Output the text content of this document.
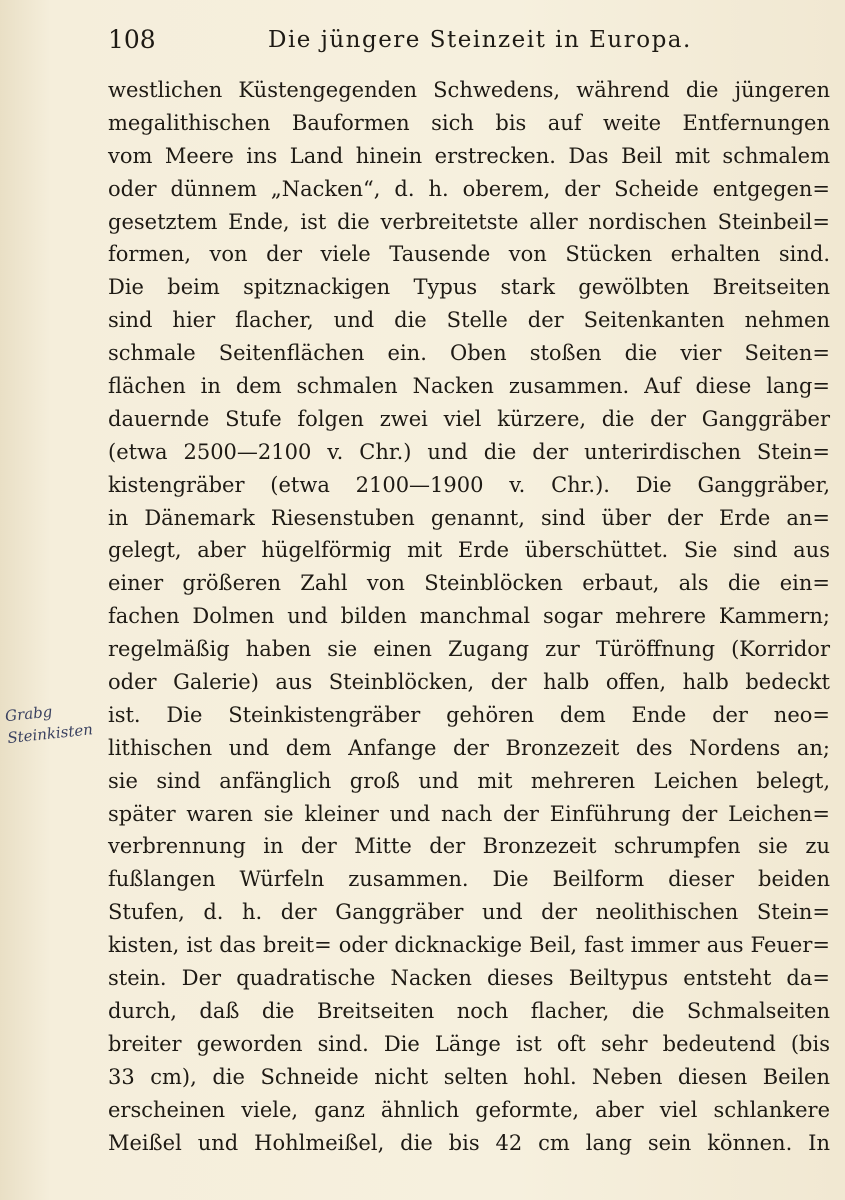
108	Die jüngere Steinzeit in Europa.
Grabg
Steinkisten
westlichen Küstengegenden Schwedens, während die jüngeren
megalithischen Bauformen sich bis auf weite Entfernungen
vom Meere ins Land hinein erstrecken. Das Beil mit schmalem
oder dünnem „Nacken“, d. h. oberem, der Scheide entgegen=
gesetztem Ende, ist die verbreitetste aller nordischen Steinbeil=
formen, von der viele Tausende von Stücken erhalten sind.
Die beim spitznackigen Typus stark gewölbten Breitseiten
sind hier flacher, und die Stelle der Seitenkanten nehmen
schmale Seitenflächen ein. Oben stoßen die vier Seiten=
flächen in dem schmalen Nacken zusammen. Auf diese lang=
dauernde Stufe folgen zwei viel kürzere, die der Ganggräber
(etwa 2500—2100 v. Chr.) und die der unterirdischen Stein=
kistengräber (etwa 2100—1900 v. Chr.). Die Ganggräber,
in Dänemark Riesenstuben genannt, sind über der Erde an=
gelegt, aber hügelförmig mit Erde überschüttet. Sie sind aus
einer größeren Zahl von Steinblöcken erbaut, als die ein=
fachen Dolmen und bilden manchmal sogar mehrere Kammern;
regelmäßig haben sie einen Zugang zur Türöffnung (Korridor
oder Galerie) aus Steinblöcken, der halb offen, halb bedeckt
ist. Die Steinkistengräber gehören dem Ende der neo=
lithischen und dem Anfange der Bronzezeit des Nordens an;
sie sind anfänglich groß und mit mehreren Leichen belegt,
später waren sie kleiner und nach der Einführung der Leichen=
verbrennung in der Mitte der Bronzezeit schrumpfen sie zu
fußlangen Würfeln zusammen. Die Beilform dieser beiden
Stufen, d. h. der Ganggräber und der neolithischen Stein=
kisten, ist das breit= oder dicknackige Beil, fast immer aus Feuer=
stein. Der quadratische Nacken dieses Beiltypus entsteht da=
durch, daß die Breitseiten noch flacher, die Schmalseiten
breiter geworden sind. Die Länge ist oft sehr bedeutend (bis
33 cm), die Schneide nicht selten hohl. Neben diesen Beilen
erscheinen viele, ganz ähnlich geformte, aber viel schlankere
Meißel und Hohlmeißel, die bis 42 cm lang sein können. In
